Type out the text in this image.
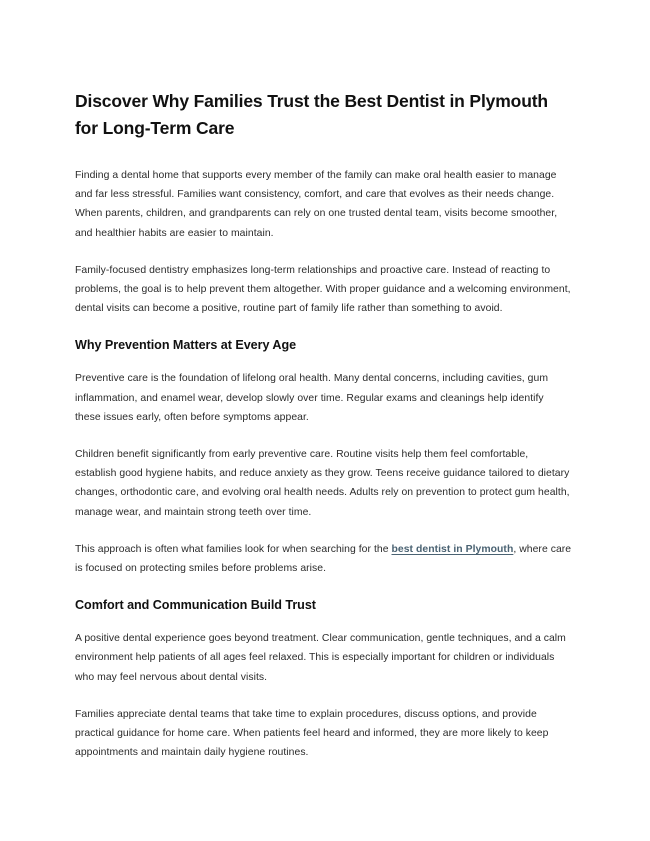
Discover Why Families Trust the Best Dentist in Plymouth for Long-Term Care

Finding a dental home that supports every member of the family can make oral health easier to manage and far less stressful. Families want consistency, comfort, and care that evolves as their needs change. When parents, children, and grandparents can rely on one trusted dental team, visits become smoother, and healthier habits are easier to maintain.

Family-focused dentistry emphasizes long-term relationships and proactive care. Instead of reacting to problems, the goal is to help prevent them altogether. With proper guidance and a welcoming environment, dental visits can become a positive, routine part of family life rather than something to avoid.

Why Prevention Matters at Every Age

Preventive care is the foundation of lifelong oral health. Many dental concerns, including cavities, gum inflammation, and enamel wear, develop slowly over time. Regular exams and cleanings help identify these issues early, often before symptoms appear.

Children benefit significantly from early preventive care. Routine visits help them feel comfortable, establish good hygiene habits, and reduce anxiety as they grow. Teens receive guidance tailored to dietary changes, orthodontic care, and evolving oral health needs. Adults rely on prevention to protect gum health, manage wear, and maintain strong teeth over time.

This approach is often what families look for when searching for the best dentist in Plymouth, where care is focused on protecting smiles before problems arise.

Comfort and Communication Build Trust

A positive dental experience goes beyond treatment. Clear communication, gentle techniques, and a calm environment help patients of all ages feel relaxed. This is especially important for children or individuals who may feel nervous about dental visits.

Families appreciate dental teams that take time to explain procedures, discuss options, and provide practical guidance for home care. When patients feel heard and informed, they are more likely to keep appointments and maintain daily hygiene routines.
